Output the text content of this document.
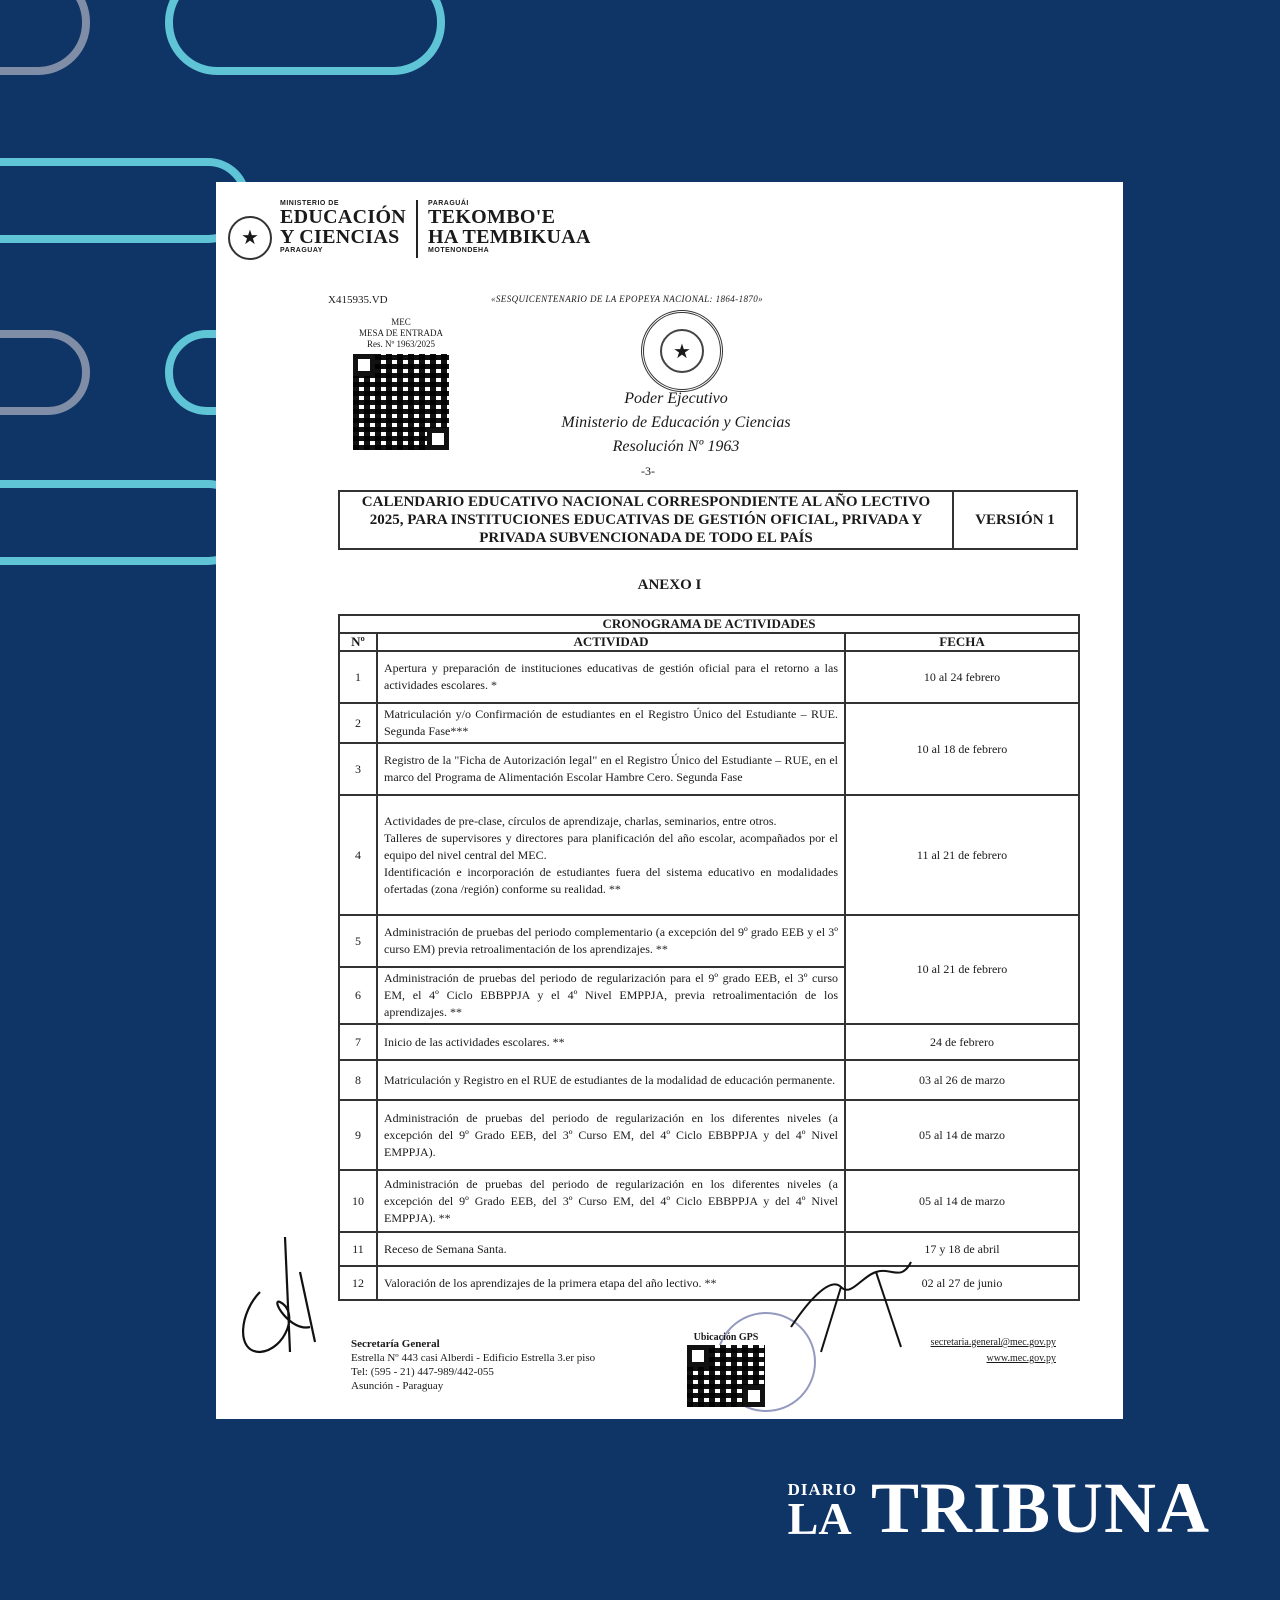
★
MINISTERIO DE
EDUCACIÓN
Y CIENCIAS
PARAGUAY
PARAGUÁI
TEKOMBO'E
HA TEMBIKUAA
MOTENONDEHA
X415935.VD	«SESQUICENTENARIO DE LA EPOPEYA NACIONAL: 1864-1870»
MEC
MESA DE ENTRADA
Res. Nº 1963/2025	★
Poder Ejecutivo
Ministerio de Educación y Ciencias
Resolución Nº 1963
-3-
CALENDARIO EDUCATIVO NACIONAL CORRESPONDIENTE AL AÑO LECTIVO 2025, PARA INSTITUCIONES EDUCATIVAS DE GESTIÓN OFICIAL, PRIVADA Y PRIVADA SUBVENCIONADA DE TODO EL PAÍS
VERSIÓN 1
ANEXO I
CRONOGRAMA DE ACTIVIDADES		
Nº	ACTIVIDAD	FECHA
1	Apertura y preparación de instituciones educativas de gestión oficial para el retorno a las actividades escolares. *	10 al 24 febrero
2	Matriculación y/o Confirmación de estudiantes en el Registro Único del Estudiante – RUE. Segunda Fase***	10 al 18 de febrero
3	Registro de la "Ficha de Autorización legal" en el Registro Único del Estudiante – RUE, en el marco del Programa de Alimentación Escolar Hambre Cero. Segunda Fase	
4	Actividades de pre-clase, círculos de aprendizaje, charlas, seminarios, entre otros.
Talleres de supervisores y directores para planificación del año escolar, acompañados por el equipo del nivel central del MEC.
Identificación e incorporación de estudiantes fuera del sistema educativo en modalidades ofertadas (zona /región) conforme su realidad. **	11 al 21 de febrero
5	Administración de pruebas del periodo complementario (a excepción del 9º grado EEB y el 3º curso EM) previa retroalimentación de los aprendizajes. **	10 al 21 de febrero
6	Administración de pruebas del periodo de regularización para el 9º grado EEB, el 3º curso EM, el 4º Ciclo EBBPPJA y el 4º Nivel EMPPJA, previa retroalimentación de los aprendizajes. **	
7	Inicio de las actividades escolares. **	24 de febrero
8	Matriculación y Registro en el RUE de estudiantes de la modalidad de educación permanente.	03 al 26 de marzo
9	Administración de pruebas del periodo de regularización en los diferentes niveles (a excepción del 9º Grado EEB, del 3º Curso EM, del 4º Ciclo EBBPPJA y del 4º Nivel EMPPJA).	05 al 14 de marzo
10	Administración de pruebas del periodo de regularización en los diferentes niveles (a excepción del 9º Grado EEB, del 3º Curso EM, del 4º Ciclo EBBPPJA y del 4º Nivel EMPPJA). **	05 al 14 de marzo
11	Receso de Semana Santa.	17 y 18 de abril
12	Valoración de los aprendizajes de la primera etapa del año lectivo. **	02 al 27 de junio
Secretaría General
Estrella Nº 443 casi Alberdi - Edificio Estrella 3.er piso
Tel: (595 - 21) 447-989/442-055
Asunción - Paraguay
Ubicación GPS	secretaria.general@mec.gov.py
www.mec.gov.py
DIARIO
LA TRIBUNA
